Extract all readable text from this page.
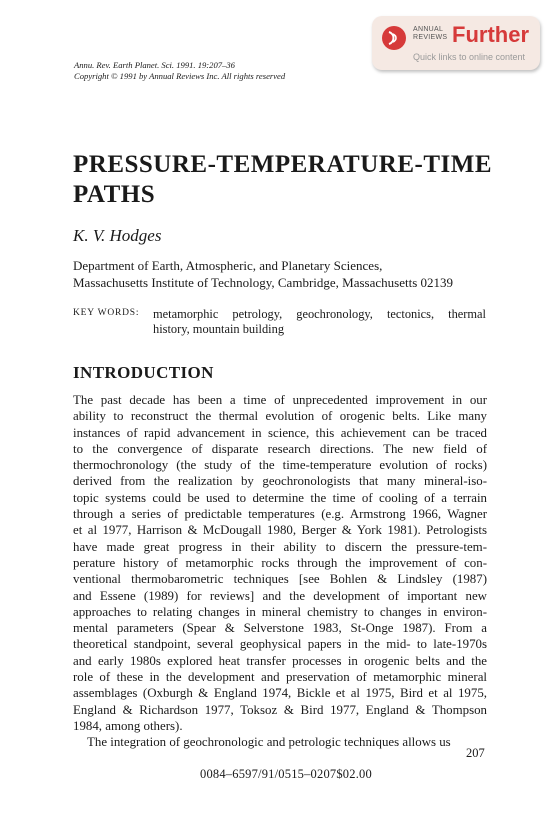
Annu. Rev. Earth Planet. Sci. 1991. 19:207–36
Copyright © 1991 by Annual Reviews Inc. All rights reserved
ANNUAL
REVIEWS Further
Quick links to online content
PRESSURE-TEMPERATURE-TIME
PATHS
K. V. Hodges
Department of Earth, Atmospheric, and Planetary Sciences,
Massachusetts Institute of Technology, Cambridge, Massachusetts 02139
KEY WORDS: metamorphic petrology, geochronology, tectonics, thermal
history, mountain building
INTRODUCTION
The past decade has been a time of unprecedented improvement in our
ability to reconstruct the thermal evolution of orogenic belts. Like many
instances of rapid advancement in science, this achievement can be traced
to the convergence of disparate research directions. The new field of
thermochronology (the study of the time-temperature evolution of rocks)
derived from the realization by geochronologists that many mineral-iso-
topic systems could be used to determine the time of cooling of a terrain
through a series of predictable temperatures (e.g. Armstrong 1966, Wagner
et al 1977, Harrison & McDougall 1980, Berger & York 1981). Petrologists
have made great progress in their ability to discern the pressure-tem-
perature history of metamorphic rocks through the improvement of con-
ventional thermobarometric techniques [see Bohlen & Lindsley (1987)
and Essene (1989) for reviews] and the development of important new
approaches to relating changes in mineral chemistry to changes in environ-
mental parameters (Spear & Selverstone 1983, St-Onge 1987). From a
theoretical standpoint, several geophysical papers in the mid- to late-1970s
and early 1980s explored heat transfer processes in orogenic belts and the
role of these in the development and preservation of metamorphic mineral
assemblages (Oxburgh & England 1974, Bickle et al 1975, Bird et al 1975,
England & Richardson 1977, Toksoz & Bird 1977, England & Thompson
1984, among others).
The integration of geochronologic and petrologic techniques allows us
207
0084–6597/91/0515–0207$02.00
